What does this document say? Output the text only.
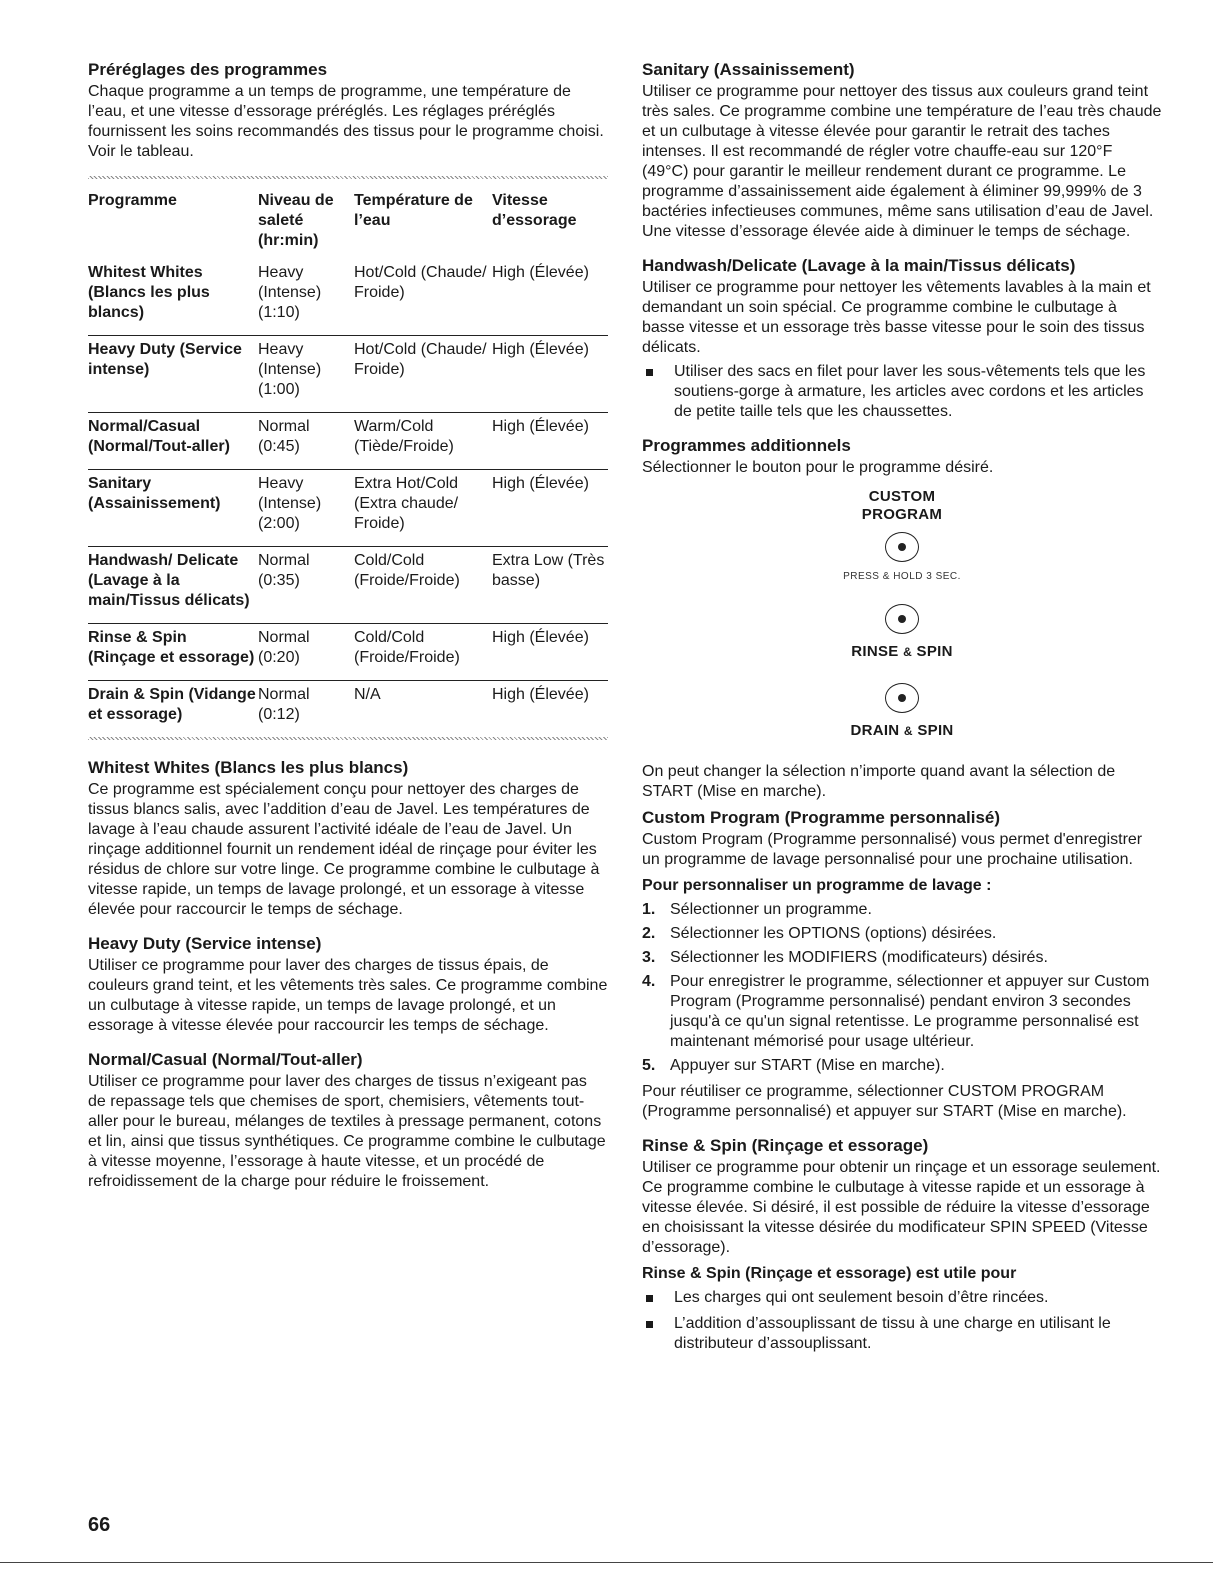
Préréglages des programmes

Chaque programme a un temps de programme, une température de l’eau, et une vitesse d’essorage préréglés. Les réglages préréglés fournissent les soins recommandés des tissus pour le programme choisi. Voir le tableau.

Programme	Niveau de saleté (hr:min)	Température de l’eau	Vitesse d’essorage
Whitest Whites (Blancs les plus blancs)	Heavy (Intense) (1:10)	Hot/Cold (Chaude/ Froide)	High (Élevée)
Heavy Duty (Service intense)	Heavy (Intense) (1:00)	Hot/Cold (Chaude/ Froide)	High (Élevée)
Normal/Casual (Normal/Tout-aller)	Normal (0:45)	Warm/Cold (Tiède/Froide)	High (Élevée)
Sanitary (Assainissement)	Heavy (Intense) (2:00)	Extra Hot/Cold (Extra chaude/ Froide)	High (Élevée)
Handwash/ Delicate (Lavage à la main/Tissus délicats)	Normal (0:35)	Cold/Cold (Froide/Froide)	Extra Low (Très basse)
Rinse & Spin (Rinçage et essorage)	Normal (0:20)	Cold/Cold (Froide/Froide)	High (Élevée)
Drain & Spin (Vidange et essorage)	Normal (0:12)	N/A	High (Élevée)
Whitest Whites (Blancs les plus blancs)

Ce programme est spécialement conçu pour nettoyer des charges de tissus blancs salis, avec l’addition d’eau de Javel. Les températures de lavage à l’eau chaude assurent l’activité idéale de l’eau de Javel. Un rinçage additionnel fournit un rendement idéal de rinçage pour éviter les résidus de chlore sur votre linge. Ce programme combine le culbutage à vitesse rapide, un temps de lavage prolongé, et un essorage à vitesse élevée pour raccourcir le temps de séchage.

Heavy Duty (Service intense)

Utiliser ce programme pour laver des charges de tissus épais, de couleurs grand teint, et les vêtements très sales. Ce programme combine un culbutage à vitesse rapide, un temps de lavage prolongé, et un essorage à vitesse élevée pour raccourcir les temps de séchage.

Normal/Casual (Normal/Tout-aller)

Utiliser ce programme pour laver des charges de tissus n’exigeant pas de repassage tels que chemises de sport, chemisiers, vêtements tout-aller pour le bureau, mélanges de textiles à pressage permanent, cotons et lin, ainsi que tissus synthétiques. Ce programme combine le culbutage à vitesse moyenne, l’essorage à haute vitesse, et un procédé de refroidissement de la charge pour réduire le froissement.

Sanitary (Assainissement)

Utiliser ce programme pour nettoyer des tissus aux couleurs grand teint très sales. Ce programme combine une température de l’eau très chaude et un culbutage à vitesse élevée pour garantir le retrait des taches intenses. Il est recommandé de régler votre chauffe-eau sur 120°F (49°C) pour garantir le meilleur rendement durant ce programme. Le programme d’assainissement aide également à éliminer 99,999% de 3 bactéries infectieuses communes, même sans utilisation d’eau de Javel. Une vitesse d’essorage élevée aide à diminuer le temps de séchage.

Handwash/Delicate (Lavage à la main/Tissus délicats)

Utiliser ce programme pour nettoyer les vêtements lavables à la main et demandant un soin spécial. Ce programme combine le culbutage à basse vitesse et un essorage très basse vitesse pour le soin des tissus délicats.

Utiliser des sacs en filet pour laver les sous-vêtements tels que les soutiens-gorge à armature, les articles avec cordons et les articles de petite taille tels que les chaussettes.
Programmes additionnels

Sélectionner le bouton pour le programme désiré.

CUSTOM
PROGRAM
PRESS & HOLD 3 SEC.
RINSE & SPIN
DRAIN & SPIN

On peut changer la sélection n’importe quand avant la sélection de START (Mise en marche).

Custom Program (Programme personnalisé)

Custom Program (Programme personnalisé) vous permet d'enregistrer un programme de lavage personnalisé pour une prochaine utilisation.

Pour personnaliser un programme de lavage :
1. Sélectionner un programme.
2. Sélectionner les OPTIONS (options) désirées.
3. Sélectionner les MODIFIERS (modificateurs) désirés.
4. Pour enregistrer le programme, sélectionner et appuyer sur Custom Program (Programme personnalisé) pendant environ 3 secondes jusqu'à ce qu'un signal retentisse. Le programme personnalisé est maintenant mémorisé pour usage ultérieur.
5. Appuyer sur START (Mise en marche).

Pour réutiliser ce programme, sélectionner CUSTOM PROGRAM (Programme personnalisé) et appuyer sur START (Mise en marche).

Rinse & Spin (Rinçage et essorage)

Utiliser ce programme pour obtenir un rinçage et un essorage seulement. Ce programme combine le culbutage à vitesse rapide et un essorage à vitesse élevée. Si désiré, il est possible de réduire la vitesse d’essorage en choisissant la vitesse désirée du modificateur SPIN SPEED (Vitesse d’essorage).

Rinse & Spin (Rinçage et essorage) est utile pour
Les charges qui ont seulement besoin d’être rincées.
L’addition d’assouplissant de tissu à une charge en utilisant le distributeur d’assouplissant.
66
